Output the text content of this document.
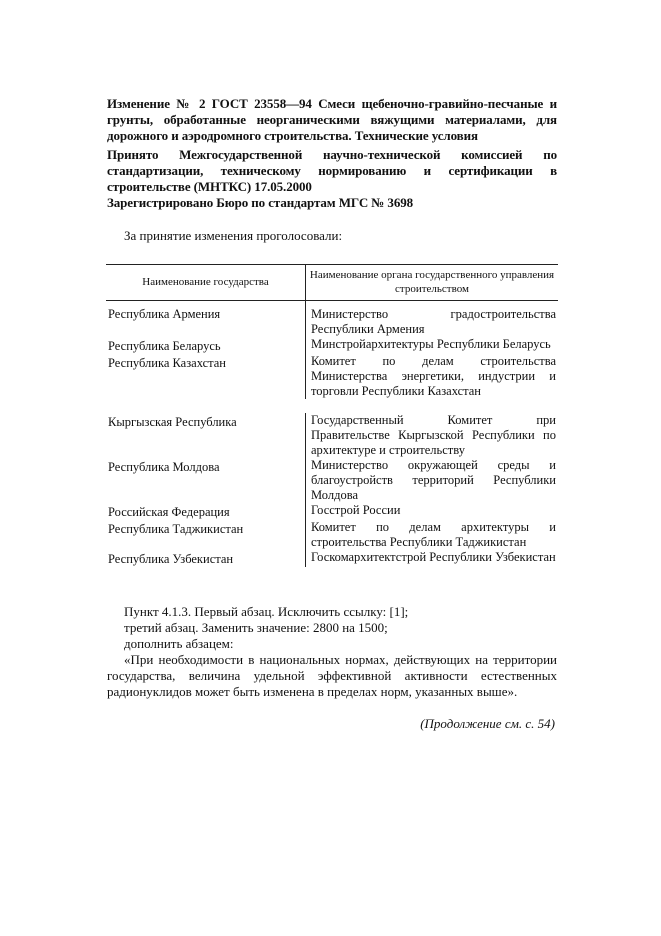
Изменение № 2 ГОСТ 23558—94 Смеси щебеночно-гравийно-песчаные и грунты, обработанные неорганическими вяжущими материалами, для дорожного и аэродромного строительства. Технические условия
Принято Межгосударственной научно-технической комиссией по стандартизации, техническому нормированию и сертификации в строительстве (МНТКС) 17.05.2000
Зарегистрировано Бюро по стандартам МГС № 3698
За принятие изменения проголосовали:
Наименование государства	Наименование органа государственного управления строительством
Республика Армения	Министерство градостроительства Республики Армения
Республика Беларусь	Минстройархитектуры Республики Беларусь
Республика Казахстан	Комитет по делам строительства Министерства энергетики, индустрии и торговли Республики Казахстан

Кыргызская Республика	Государственный Комитет при Правительстве Кыргызской Республики по архитектуре и строительству
Республика Молдова	Министерство окружающей среды и благоустройств территорий Республики Молдова
Российская Федерация	Госстрой России
Республика Таджикистан	Комитет по делам архитектуры и строительства Республики Таджикистан
Республика Узбекистан	Госкомархитектстрой Республики Узбекистан
Пункт 4.1.3. Первый абзац. Исключить ссылку: [1];
третий абзац. Заменить значение: 2800 на 1500;
дополнить абзацем:
«При необходимости в национальных нормах, действующих на территории государства, величина удельной эффективной активности естественных радионуклидов может быть изменена в пределах норм, указанных выше».
(Продолжение см. с. 54)
